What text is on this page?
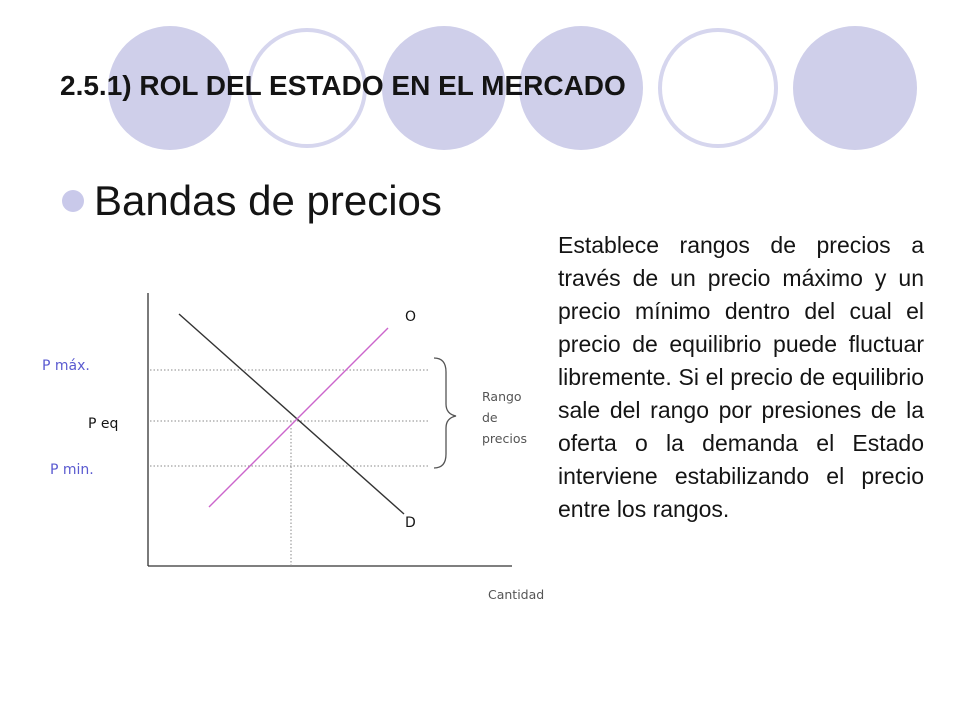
2.5.1) ROL DEL ESTADO EN EL MERCADO
Bandas de precios
Establece rangos de precios a través de un precio máximo y un precio mínimo dentro del cual el precio de equilibrio puede fluctuar libremente. Si el precio de equilibrio sale del rango por presiones de la oferta o la demanda el Estado interviene estabilizando el precio entre los rangos.
P máx.
P eq
P min.
O
D
Rango
de
precios
Cantidad
